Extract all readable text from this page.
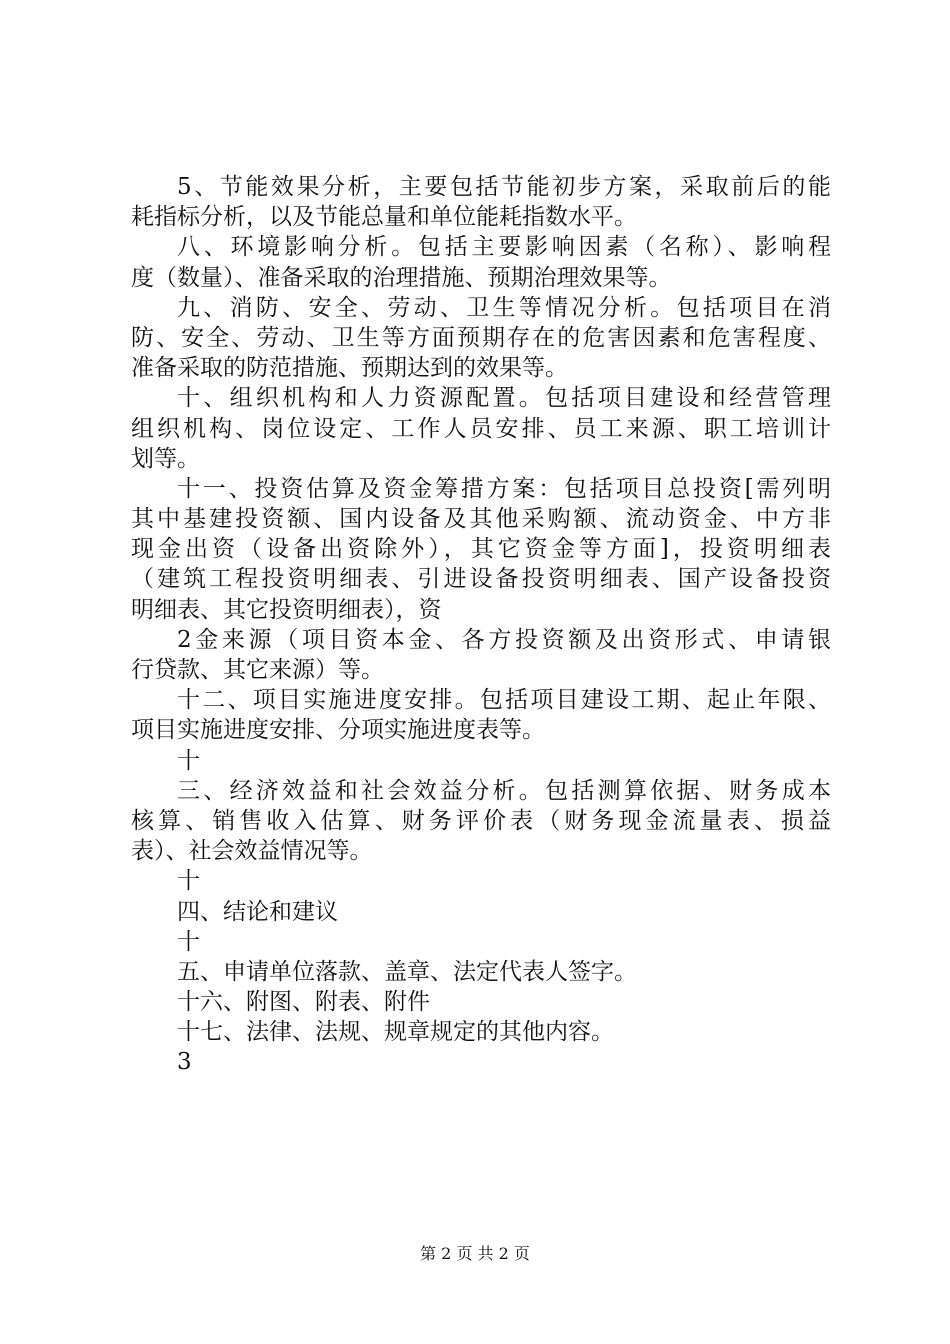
5、节能效果分析，主要包括节能初步方案，采取前后的能
耗指标分析，以及节能总量和单位能耗指数水平。
八、环境影响分析。包括主要影响因素（名称）、影响程
度（数量）、准备采取的治理措施、预期治理效果等。
九、消防、安全、劳动、卫生等情况分析。包括项目在消
防、安全、劳动、卫生等方面预期存在的危害因素和危害程度、
准备采取的防范措施、预期达到的效果等。
十、组织机构和人力资源配置。包括项目建设和经营管理
组织机构、岗位设定、工作人员安排、员工来源、职工培训计
划等。
十一、投资估算及资金筹措方案：包括项目总投资[需列明
其中基建投资额、国内设备及其他采购额、流动资金、中方非
现金出资（设备出资除外），其它资金等方面]，投资明细表
（建筑工程投资明细表、引进设备投资明细表、国产设备投资
明细表、其它投资明细表），资
2金来源（项目资本金、各方投资额及出资形式、申请银
行贷款、其它来源）等。
十二、项目实施进度安排。包括项目建设工期、起止年限、
项目实施进度安排、分项实施进度表等。
十
三、经济效益和社会效益分析。包括测算依据、财务成本
核算、销售收入估算、财务评价表（财务现金流量表、损益
表）、社会效益情况等。
十
四、结论和建议
十
五、申请单位落款、盖章、法定代表人签字。
十六、附图、附表、附件
十七、法律、法规、规章规定的其他内容。
3
第 2 页 共 2 页
